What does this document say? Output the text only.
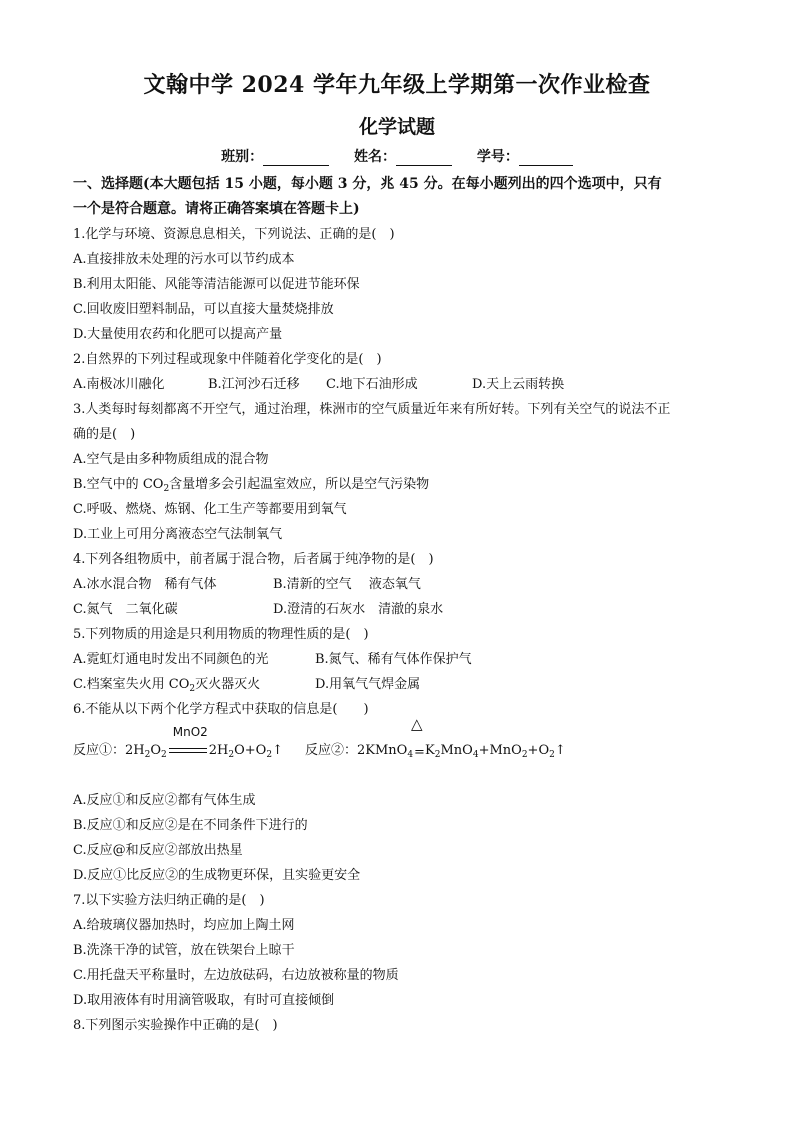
文翰中学 2024 学年九年级上学期第一次作业检查
化学试题
班别：	姓名：	学号：
一、选择题(本大题包括 15 小题，每小题 3 分，兆 45 分。在每小题列出的四个选项中，只有
一个是符合题意。请将正确答案填在答题卡上)
1.化学与环境、资源息息相关，下列说法、正确的是(　)
A.直接排放未处理的污水可以节约成本
B.利用太阳能、风能等清洁能源可以促进节能环保
C.回收废旧塑料制品，可以直接大量焚烧排放
D.大量使用农药和化肥可以提高产量
2.自然界的下列过程或现象中伴随着化学变化的是(　)
A.南极冰川融化	B.江河沙石迁移 C.地下石油形成	D.天上云雨转换
3.人类每时每刻都离不开空气，通过治理，株洲市的空气质量近年来有所好转。下列有关空气的说法不正
确的是(　)
A.空气是由多种物质组成的混合物
B.空气中的 $CO_2$含量增多会引起温室效应，所以是空气污染物
C.呼吸、燃烧、炼钢、化工生产等都要用到氧气
D.工业上可用分离液态空气法制氧气
4.下列各组物质中，前者属于混合物，后者属于纯净物的是(　)
A.冰水混合物　稀有气体	B.清新的空气　 液态氧气
C.氮气　二氧化碳	D.澄清的石灰水　清澈的泉水
5.下列物质的用途是只利用物质的物理性质的是(　)
A.霓虹灯通电时发出不同颜色的光	B.氮气、稀有气体作保护气
C.档案室失火用 $CO_2$灭火器灭火	D.用氧气气焊金属
6.不能从以下两个化学方程式中获取的信息是(　　)
反应①：$2H_2O_2$
MnO2
$2H_2O+O_2↑$ 反应②：2KMnO$_4$
△
= $K_2MnO_4+MnO_2+O_2↑$
A.反应①和反应②都有气体生成
B.反应①和反应②是在不同条件下进行的
C.反应@和反应②部放出热星
D.反应①比反应②的生成物更环保，且实验更安全
7.以下实验方法归纳正确的是(　)
A.给玻璃仪器加热时，均应加上陶土网
B.洗涤干净的试管，放在铁架台上晾干
C.用托盘天平称量时，左边放砝码，右边放被称量的物质
D.取用液体有时用滴管吸取，有时可直接倾倒
8.下列图示实验操作中正确的是(　)
